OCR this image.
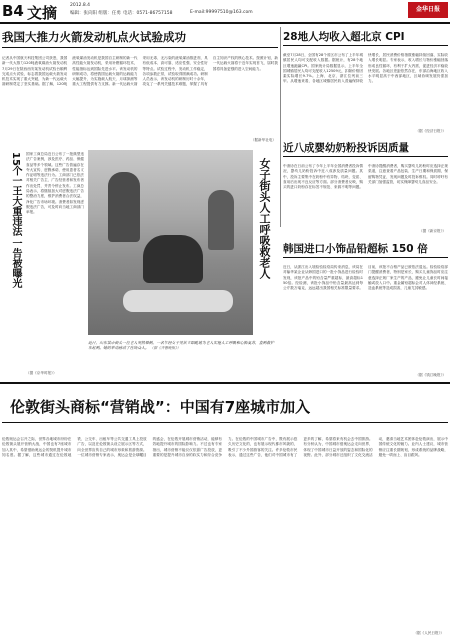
B4 文摘	2012.8.4
编辑：张向阳 组版：任勇 电话：0571-86757158	E-mail:99997510@163.com	金华日报
我国大推力火箭发动机点火试验成功
记者从中国航天科技集团公司获悉，我国新一代大推力120吨液氧煤油火箭发动机7月29日在陕西西安某发动机试验台顺利完成点火试验，标志着我国运载火箭发动机技术实现了重大突破，为新一代运载火箭研制奠定了坚实基础。据了解，120吨液氧煤油发动机是我国自主研制的新一代高性能火箭发动机，采用补燃循环技术，性能指标达到国际先进水平。该发动机的研制成功，将使我国运载火箭的运载能力大幅提升，为实施载人航天、月球探测等重大工程提供有力支撑。新一代运载火箭采用无毒、无污染的液氧煤油推进剂，具有低成本、高可靠、适应性强、安全性好等特点。试验过程中，发动机工作稳定，各项参数正常，试验取得圆满成功。研制人员表示，该发动机的研制历时十余年，攻克了一系列关键技术难题，掌握了具有自主知识产权的核心技术。按照计划，新一代运载火箭将于近年实现首飞，届时我国将具备更强的进入空间能力。
（据新华社电）
28地人均收入超北京 CPI
截至7月28日，全国有28个省区市公布了上半年城镇居民人均可支配收入数据。据统计，有28个地区增速跑赢CPI。国家统计局数据显示，上半年全国城镇居民人均可支配收入12509元，扣除价格因素实际增长9.7%。上海、北京、浙江位列前三甲。从增速来看，各地区城镇居民收入普遍保持较快增长，居民消费价格指数涨幅持续回落，实际收入增长明显。专家表示，收入增长与物价涨幅回落形成良性循环，有利于扩大内需，促进经济平稳较快发展。各地区差距依然存在，东部沿海地区收入水平明显高于中西部地区，区域协调发展仍需加力。
（据《经济日报》）
15个一王
大重违法
一告被曝光
国家工商总局近日公布了一批典型违法广告案例，涉及医疗、药品、保健食品等多个领域。这些广告普遍存在夸大宣传、虚假承诺、使用患者名义作证明等违法行为。工商部门已依法对相关广告主、广告经营者和发布者作出处罚，并责令停止发布。工商总局表示，将继续加大对虚假违法广告的整治力度，维护消费者合法权益，净化广告市场环境。消费者如发现虚假违法广告，可及时向当地工商部门举报。
（据《京华时报》）
女子街头人工呼吸救老人
近日，山东某市街头一位老人突然晕倒，一名年轻女子见状立即跪地为老人实施人工呼吸和心肺复苏，直到救护车赶到。她的举动感动了在场众人。 （据《齐鲁晚报》）
近八成婴幼奶粉投诉因质量
中消协在日前公布了今年上半年全国消费者投诉情况，婴幼儿奶粉投诉中近八成涉及质量问题。其中，投诉主要集中在奶粉中有异物、结块、变质、食用后出现不良反应等方面。部分消费者反映，购买的进口奶粉存在标签不规范、来源不明等问题。中消协提醒消费者，购买婴幼儿奶粉时应选择正规渠道，注意查看产品包装、生产日期和保质期，保留购物凭证，发现问题及时投诉维权。同时呼吁有关部门加强监管，切实保障婴幼儿食品安全。
（据《新京报》）
韩国进口小饰品铅超标 150 倍
近日，从浙江出入境检验检疫局传来消息，该局在对输华某企业从韩国进口的一批小饰品进行检验时发现，该批产品中的铅含量严重超标，最高超标150倍。经检测，该批小饰品中铅含量最高达到每公斤数万毫克，远远超出我国相关标准限量要求。目前，该批不合格产品已被依法退运。检验检疫部门提醒消费者，特别是家长，购买儿童饰品时应注意选择正规厂家生产的产品，避免让儿童长时间接触或放入口中。重金属铅超标会对人体神经系统、造血系统等造成损害，儿童尤其敏感。
（据《钱江晚报》）
伦敦街头商标“营销战”：中国有7座城市加入
伦敦奥运会召开之际，世界各地城市纷纷在伦敦街头展开营销大战，中国也有7座城市加入其中，希望借助奥运会的契机提升城市知名度。据了解，这些城市通过在伦敦地铁、公交车、出租车等公共交通工具上投放广告，以及在伦敦街头设立展示区等方式，向全世界宣传自己的城市形象和旅游资源。一位城市营销专家表示，奥运会是全球瞩目的盛会，在伦敦开展城市营销活动，能够有效地提升城市的国际影响力。不过也有专家指出，城市营销不能仅仅依靠广告投放，更重要的是提升城市自身的软实力和综合竞争力。在伦敦的中国城市广告中，既有展示悠久历史文化的，也有展示现代都市风貌的，吸引了不少外国游客的关注。许多伦敦市民表示，通过这些广告，他们对中国城市有了更多的了解，希望将来有机会去中国旅游。有分析认为，中国城市借奥运会走向世界，体现了中国城市日益开放的姿态和国际化的视野。此外，部分城市还组织了文化交流活动，邀请当地艺术团体赴伦敦演出，展示中国传统文化的魅力。业内人士建议，城市营销应注重长期规划，形成系统的品牌战略，避免一哄而上、盲目跟风。
（据《人民日报》）
